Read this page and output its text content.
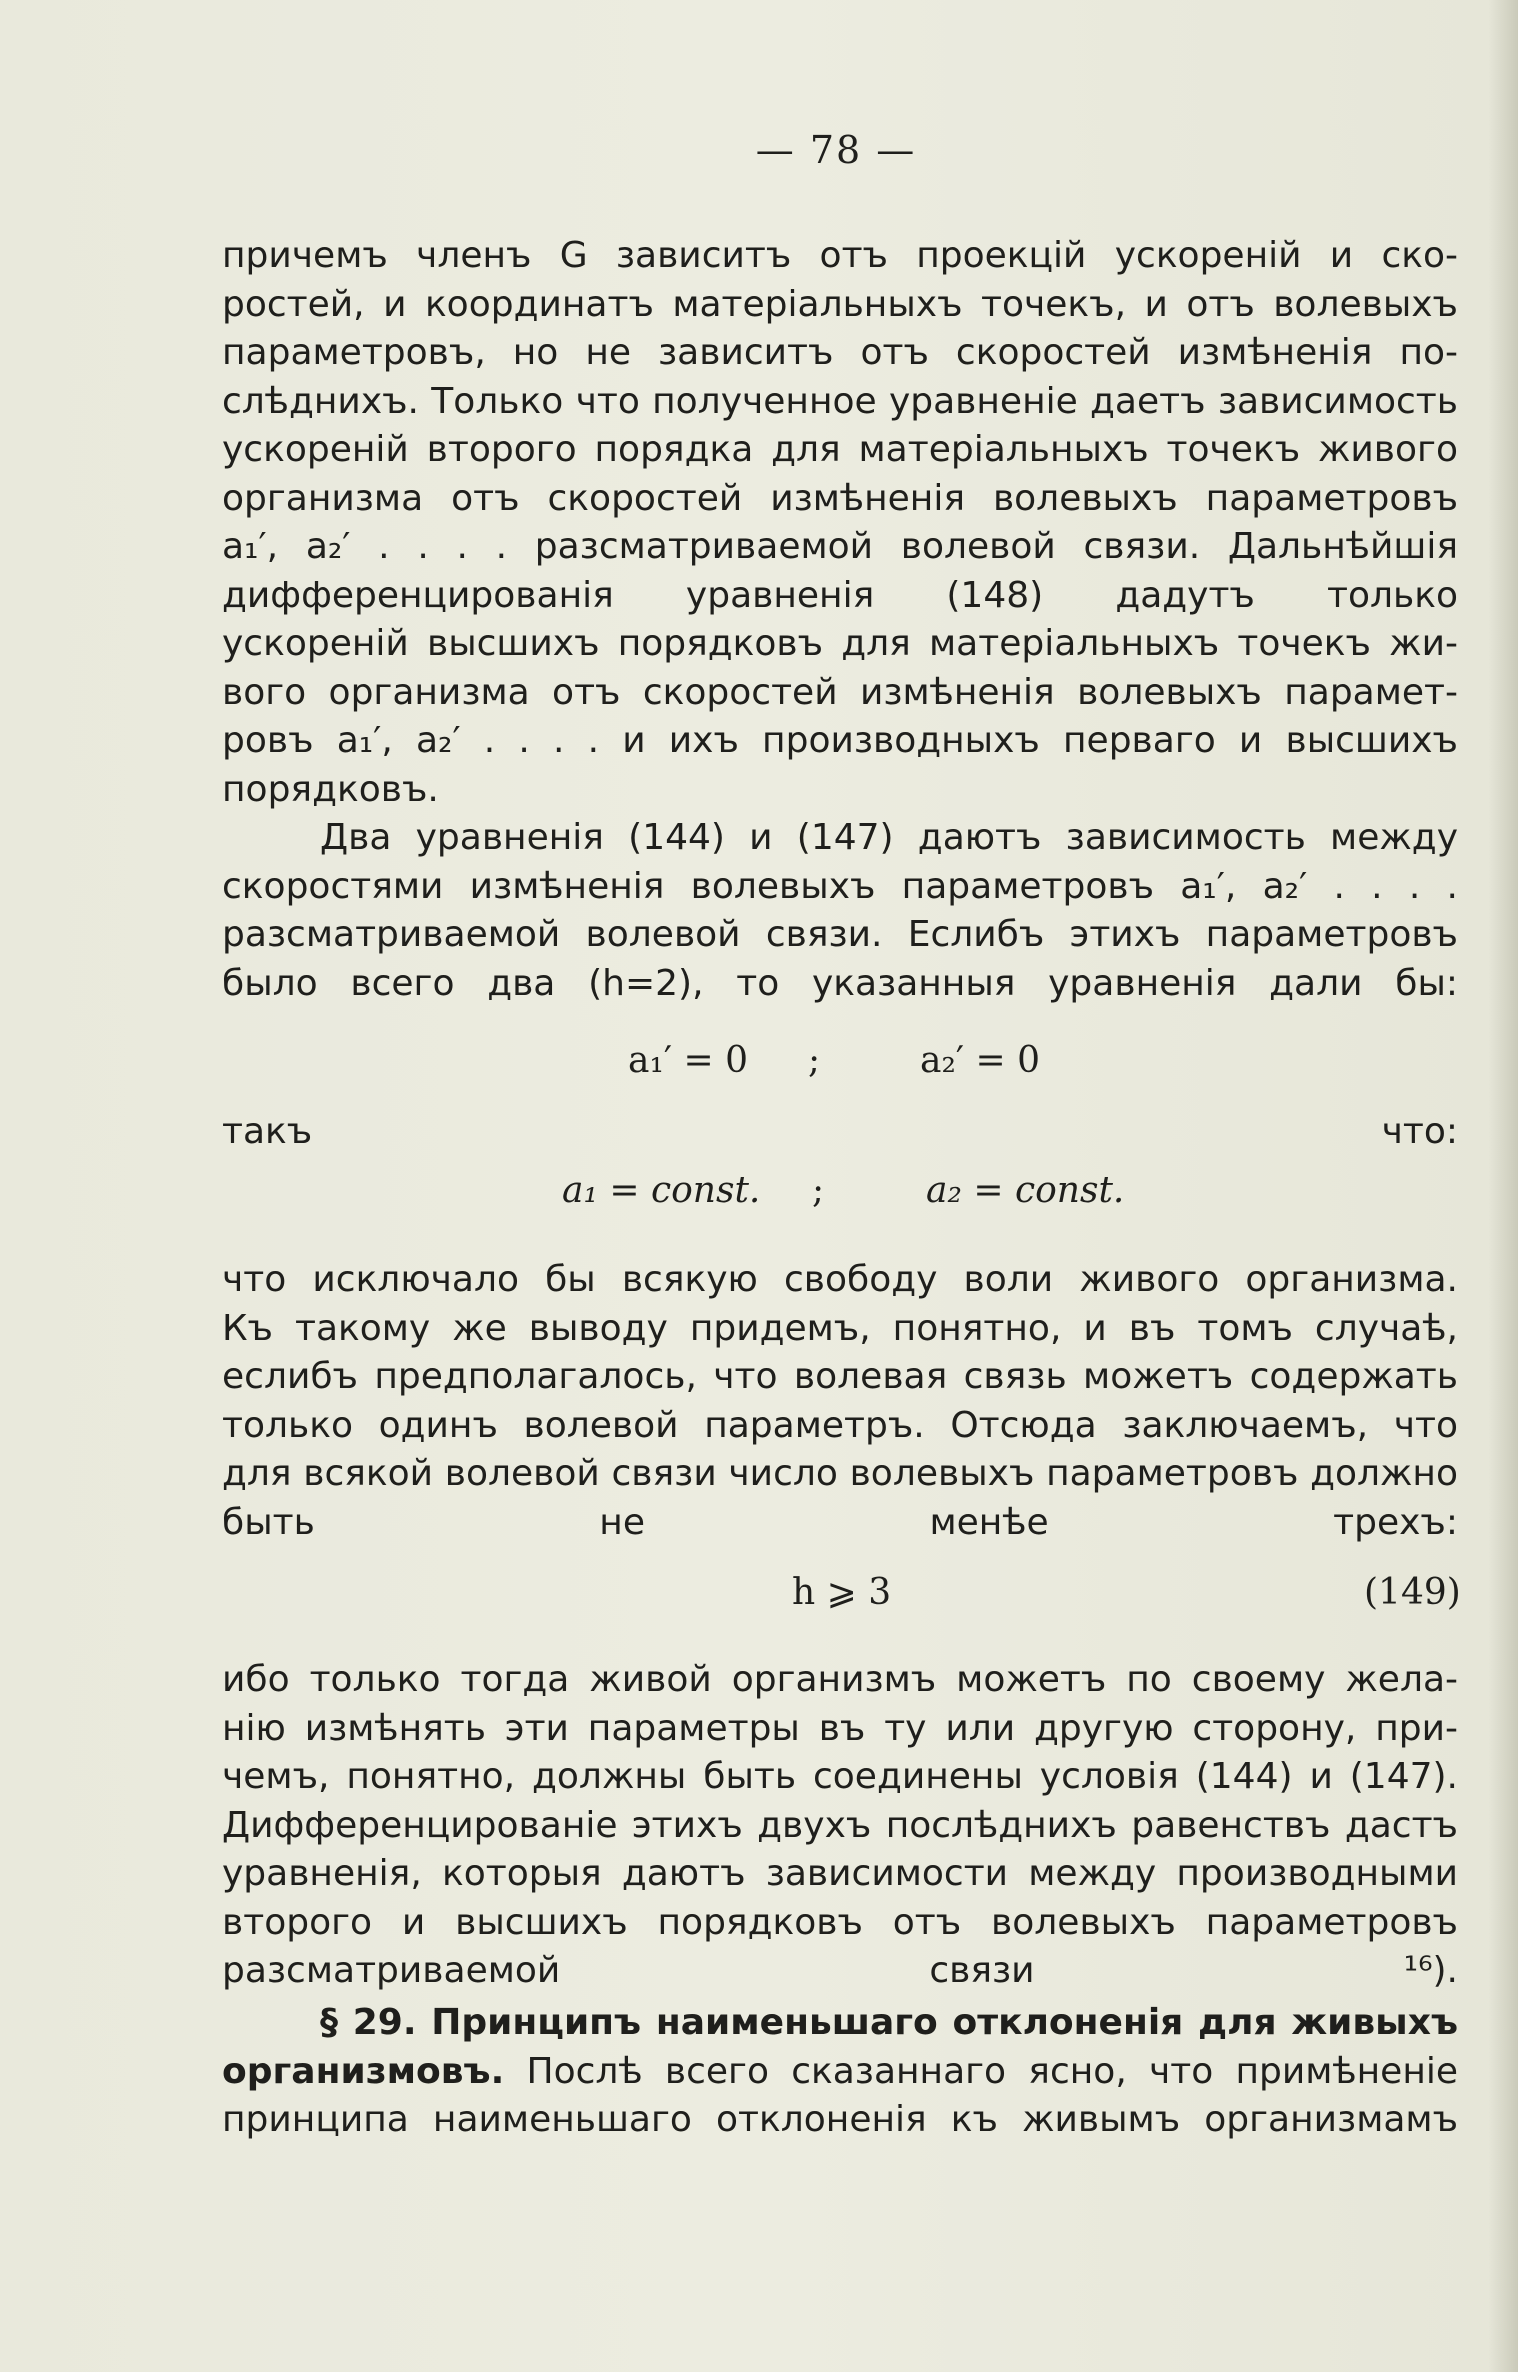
— 78 —
причемъ членъ G зависитъ отъ проекцій ускореній и ско-
ростей, и координатъ матеріальныхъ точекъ, и отъ волевыхъ
параметровъ, но не зависитъ отъ скоростей измѣненія по-
слѣднихъ. Только что полученное уравненіе даетъ зависимость
ускореній второго порядка для матеріальныхъ точекъ живого
организма отъ скоростей измѣненія волевыхъ параметровъ
a₁′, a₂′ . . . . разсматриваемой волевой связи. Дальнѣйшія
дифференцированія уравненія (148) дадутъ только
ускореній высшихъ порядковъ для матеріальныхъ точекъ жи-
вого организма отъ скоростей измѣненія волевыхъ парамет-
ровъ a₁′, a₂′ . . . . и ихъ производныхъ перваго и высшихъ
порядковъ.
Два уравненія (144) и (147) даютъ зависимость между
скоростями измѣненія волевыхъ параметровъ a₁′, a₂′ . . . .
разсматриваемой волевой связи. Еслибъ этихъ параметровъ
было всего два (h=2), то указанныя уравненія дали бы:
a₁′ = 0 ;	a₂′ = 0
такъ что:
a₁ = const. ;	a₂ = const.
что исключало бы всякую свободу воли живого организма.
Къ такому же выводу придемъ, понятно, и въ томъ случаѣ,
еслибъ предполагалось, что волевая связь можетъ содержать
только одинъ волевой параметръ. Отсюда заключаемъ, что
для всякой волевой связи число волевыхъ параметровъ должно
быть не менѣе трехъ:
h ⩾ 3	(149)
ибо только тогда живой организмъ можетъ по своему жела-
нію измѣнять эти параметры въ ту или другую сторону, при-
чемъ, понятно, должны быть соединены условія (144) и (147).
Дифференцированіе этихъ двухъ послѣднихъ равенствъ дастъ
уравненія, которыя даютъ зависимости между производными
второго и высшихъ порядковъ отъ волевыхъ параметровъ
разсматриваемой связи ¹⁶).
§ 29. Принципъ наименьшаго отклоненія для живыхъ
организмовъ. Послѣ всего сказаннаго ясно, что примѣненіе
принципа наименьшаго отклоненія къ живымъ организмамъ
